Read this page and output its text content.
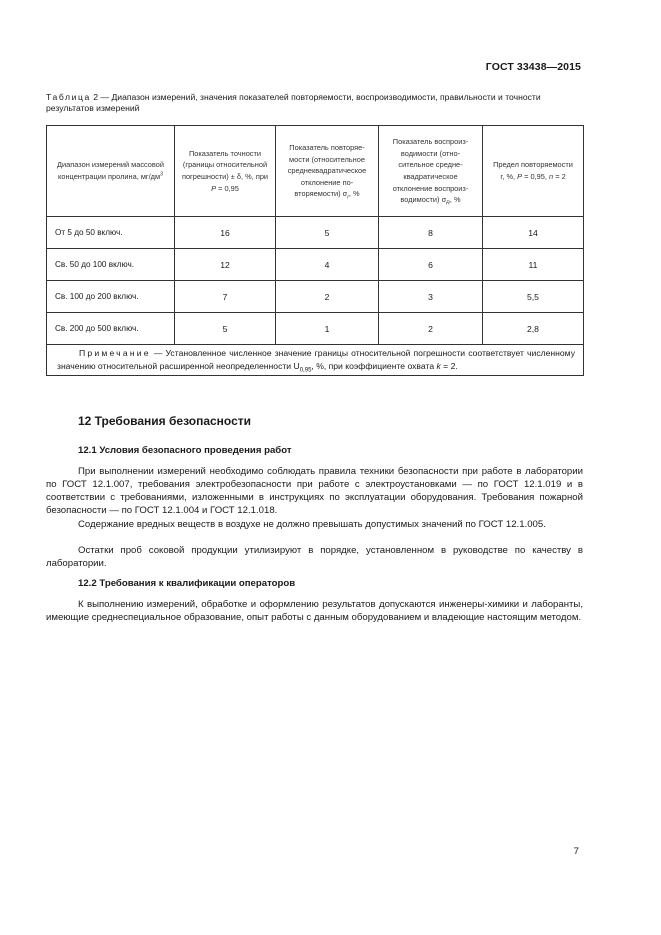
ГОСТ 33438—2015
Таблица 2 — Диапазон измерений, значения показателей повторяемости, воспроизводимости, правильности и точности результатов измерений
Диапазон измерений массовой концентрации пролина, $мг/дм^3$	Показатель точности (границы относительной погрешности) ± δ, %, при P = 0,95	Показатель повторяемости (относительное среднеквадратическое отклонение повторяемости) $\sigma_r$, %	Показатель воспроизводимости (относительное среднеквадратическое отклонение воспроизводимости) $\sigma_R$, %	Предел повторяемости r, %, P = 0,95, n = 2
От 5 до 50 включ.	16	5	8	14
Св. 50 до 100 включ.	12	4	6	11
Св. 100 до 200 включ.	7	2	3	5,5
Св. 200 до 500 включ.	5	1	2	2,8
Примечание — Установленное численное значение границы относительной погрешности соответствует численному значению относительной расширенной неопределенности $U_{0,95}$, %, при коэффициенте охвата k = 2.				
12 Требования безопасности
12.1 Условия безопасного проведения работ

При выполнении измерений необходимо соблюдать правила техники безопасности при работе в лаборатории по ГОСТ 12.1.007, требования электробезопасности при работе с электроустановками — по ГОСТ 12.1.019 и в соответствии с требованиями, изложенными в инструкциях по эксплуатации оборудования. Требования пожарной безопасности — по ГОСТ 12.1.004 и ГОСТ 12.1.018.

Содержание вредных веществ в воздухе не должно превышать допустимых значений по ГОСТ 12.1.005.

Остатки проб соковой продукции утилизируют в порядке, установленном в руководстве по качеству в лаборатории.

12.2 Требования к квалификации операторов

К выполнению измерений, обработке и оформлению результатов допускаются инженеры-химики и лаборанты, имеющие среднеспециальное образование, опыт работы с данным оборудованием и владеющие настоящим методом.

7
